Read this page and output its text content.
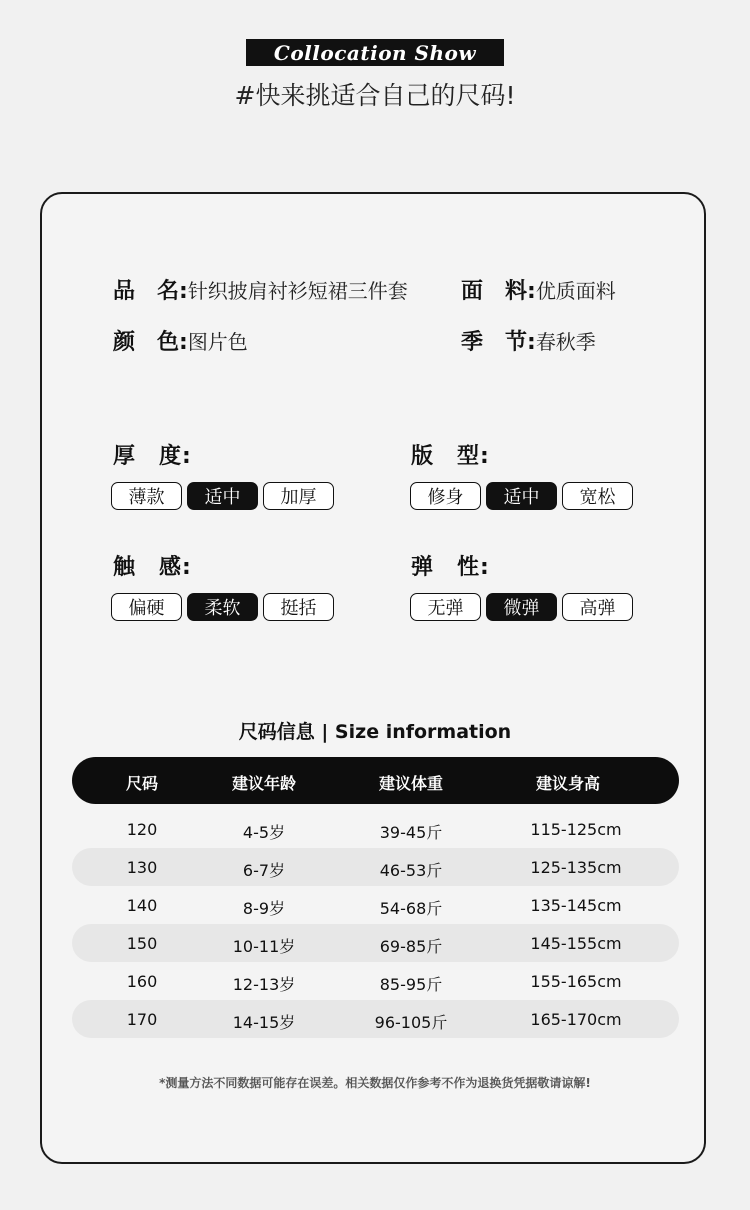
Collocation Show
#快来挑适合自己的尺码!
品　名:针织披肩衬衫短裙三件套 面　料:优质面料
颜　色:图片色	季　节:春秋季
厚　度:
薄款	适中	加厚
版　型:
修身	适中	宽松
触　感:
偏硬	柔软	挺括
弹　性:
无弹	微弹	高弹
尺码信息 | Size information
尺码	建议年龄	建议体重	建议身高
120	4-5岁	39-45斤	115-125cm
130	6-7岁	46-53斤	125-135cm
140	8-9岁	54-68斤	135-145cm
150	10-11岁	69-85斤	145-155cm
160	12-13岁	85-95斤	155-165cm
170	14-15岁	96-105斤	165-170cm
*测量方法不同数据可能存在误差。相关数据仅作参考不作为退换货凭据敬请谅解!
